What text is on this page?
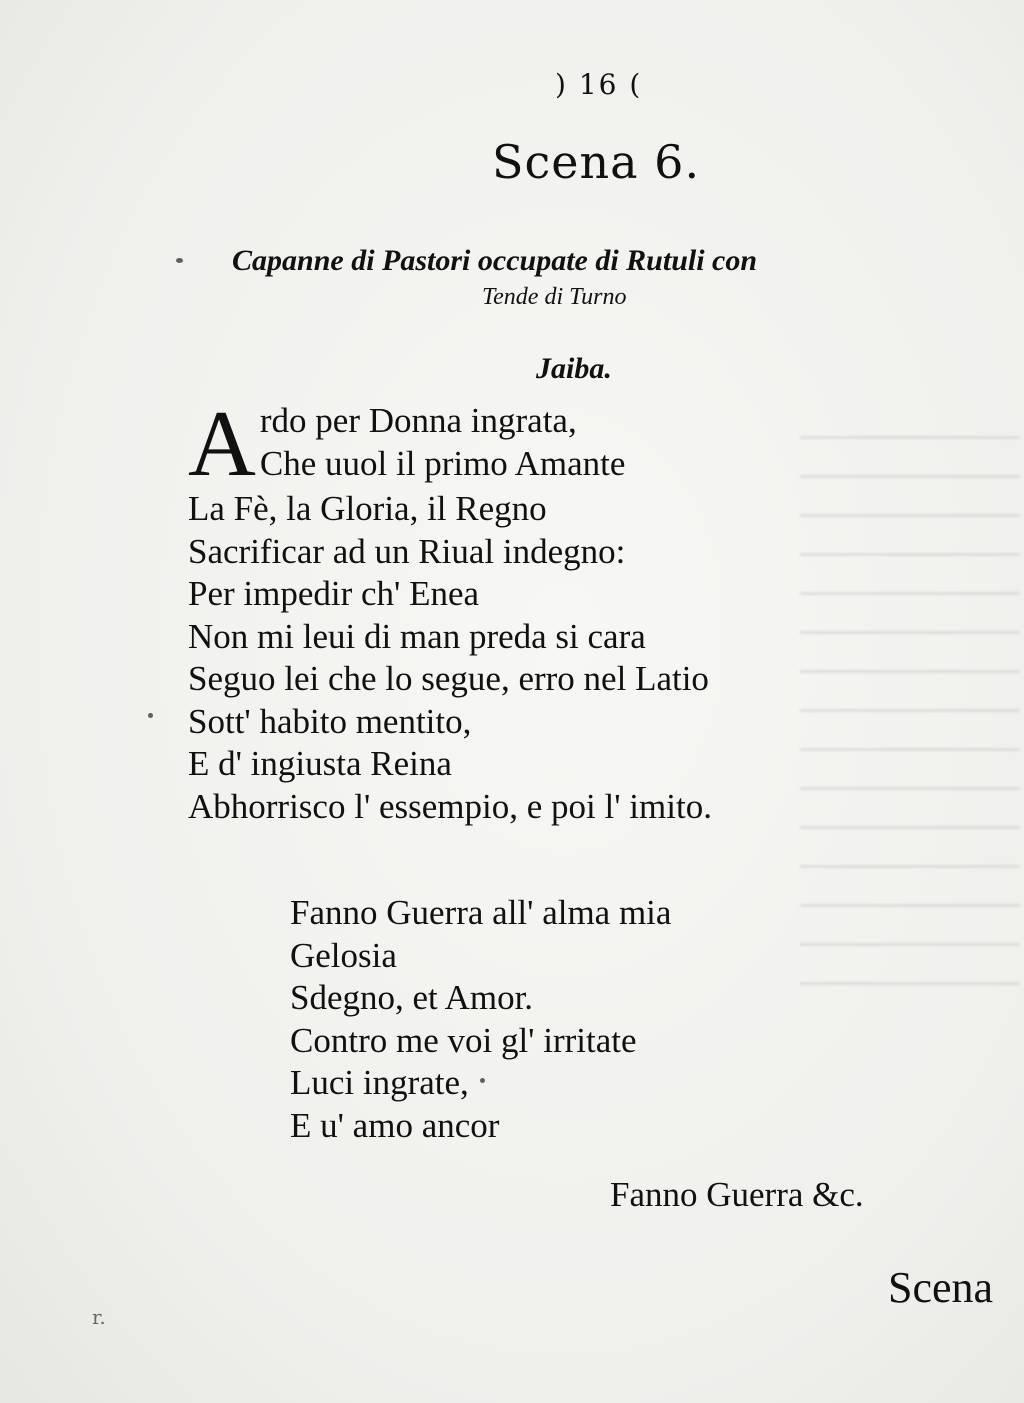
) 16 (
Scena 6.
Capanne di Pastori occupate di Rutuli con
Tende di Turno
Jaiba.
A rdo per Donna ingrata,
Che uuol il primo Amante
La Fè, la Gloria, il Regno
Sacrificar ad un Riual indegno:
Per impedir ch' Enea
Non mi leui di man preda si cara
Seguo lei che lo segue, erro nel Latio
Sott' habito mentito,
E d' ingiusta Reina
Abhorrisco l' essempio, e poi l' imito.
Fanno Guerra all' alma mia
Gelosia
Sdegno, et Amor.
Contro me voi gl' irritate
Luci ingrate,
E u' amo ancor
Fanno Guerra &c.
Scena
r.
